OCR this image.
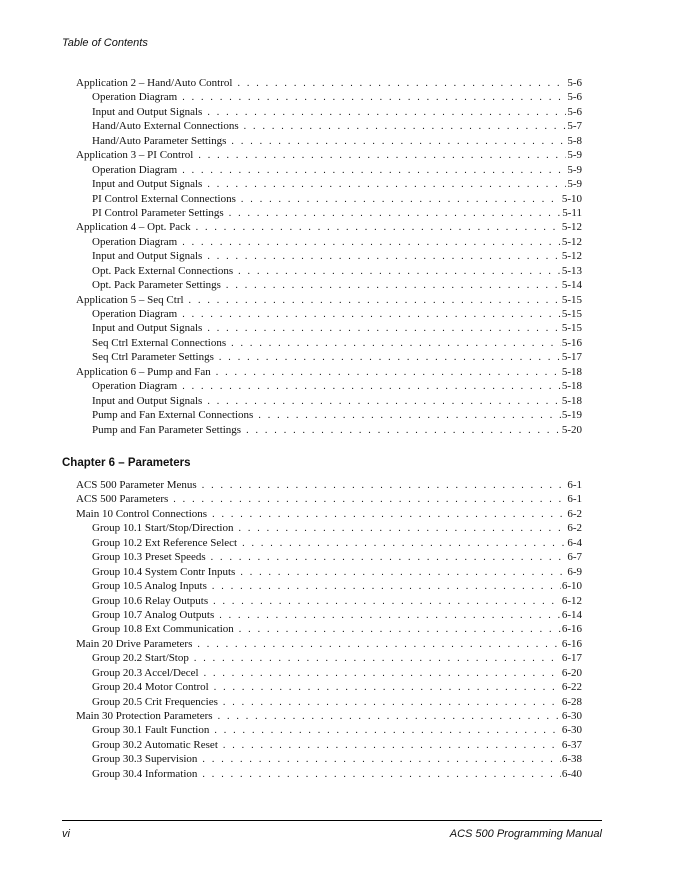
Table of Contents
Application 2 – Hand/Auto Control . . .	5-6
Operation Diagram . . .	5-6
Input and Output Signals . . .	5-6
Hand/Auto External Connections . . .	5-7
Hand/Auto Parameter Settings . . .	5-8
Application 3 – PI Control . . .	5-9
Operation Diagram . . .	5-9
Input and Output Signals . . .	5-9
PI Control External Connections . . .	5-10
PI Control Parameter Settings . . .	5-11
Application 4 – Opt. Pack . . .	5-12
Operation Diagram . . .	5-12
Input and Output Signals . . .	5-12
Opt. Pack External Connections . . .	5-13
Opt. Pack Parameter Settings . . .	5-14
Application 5 – Seq Ctrl . . .	5-15
Operation Diagram . . .	5-15
Input and Output Signals . . .	5-15
Seq Ctrl External Connections . . .	5-16
Seq Ctrl Parameter Settings . . .	5-17
Application 6 – Pump and Fan . . .	5-18
Operation Diagram . . .	5-18
Input and Output Signals . . .	5-18
Pump and Fan External Connections . . .	5-19
Pump and Fan Parameter Settings . . .	5-20
Chapter 6 – Parameters
ACS 500 Parameter Menus . . .	6-1
ACS 500 Parameters . . .	6-1
Main 10 Control Connections . . .	6-2
Group 10.1 Start/Stop/Direction . . .	6-2
Group 10.2 Ext Reference Select . . .	6-4
Group 10.3 Preset Speeds . . .	6-7
Group 10.4 System Contr Inputs . . .	6-9
Group 10.5 Analog Inputs . . .	6-10
Group 10.6 Relay Outputs . . .	6-12
Group 10.7 Analog Outputs . . .	6-14
Group 10.8 Ext Communication . . .	6-16
Main 20 Drive Parameters . . .	6-16
Group 20.2 Start/Stop . . .	6-17
Group 20.3 Accel/Decel . . .	6-20
Group 20.4 Motor Control . . .	6-22
Group 20.5 Crit Frequencies . . .	6-28
Main 30 Protection Parameters . . .	6-30
Group 30.1 Fault Function . . .	6-30
Group 30.2 Automatic Reset . . .	6-37
Group 30.3 Supervision . . .	6-38
Group 30.4 Information . . .	6-40
vi	ACS 500 Programming Manual
